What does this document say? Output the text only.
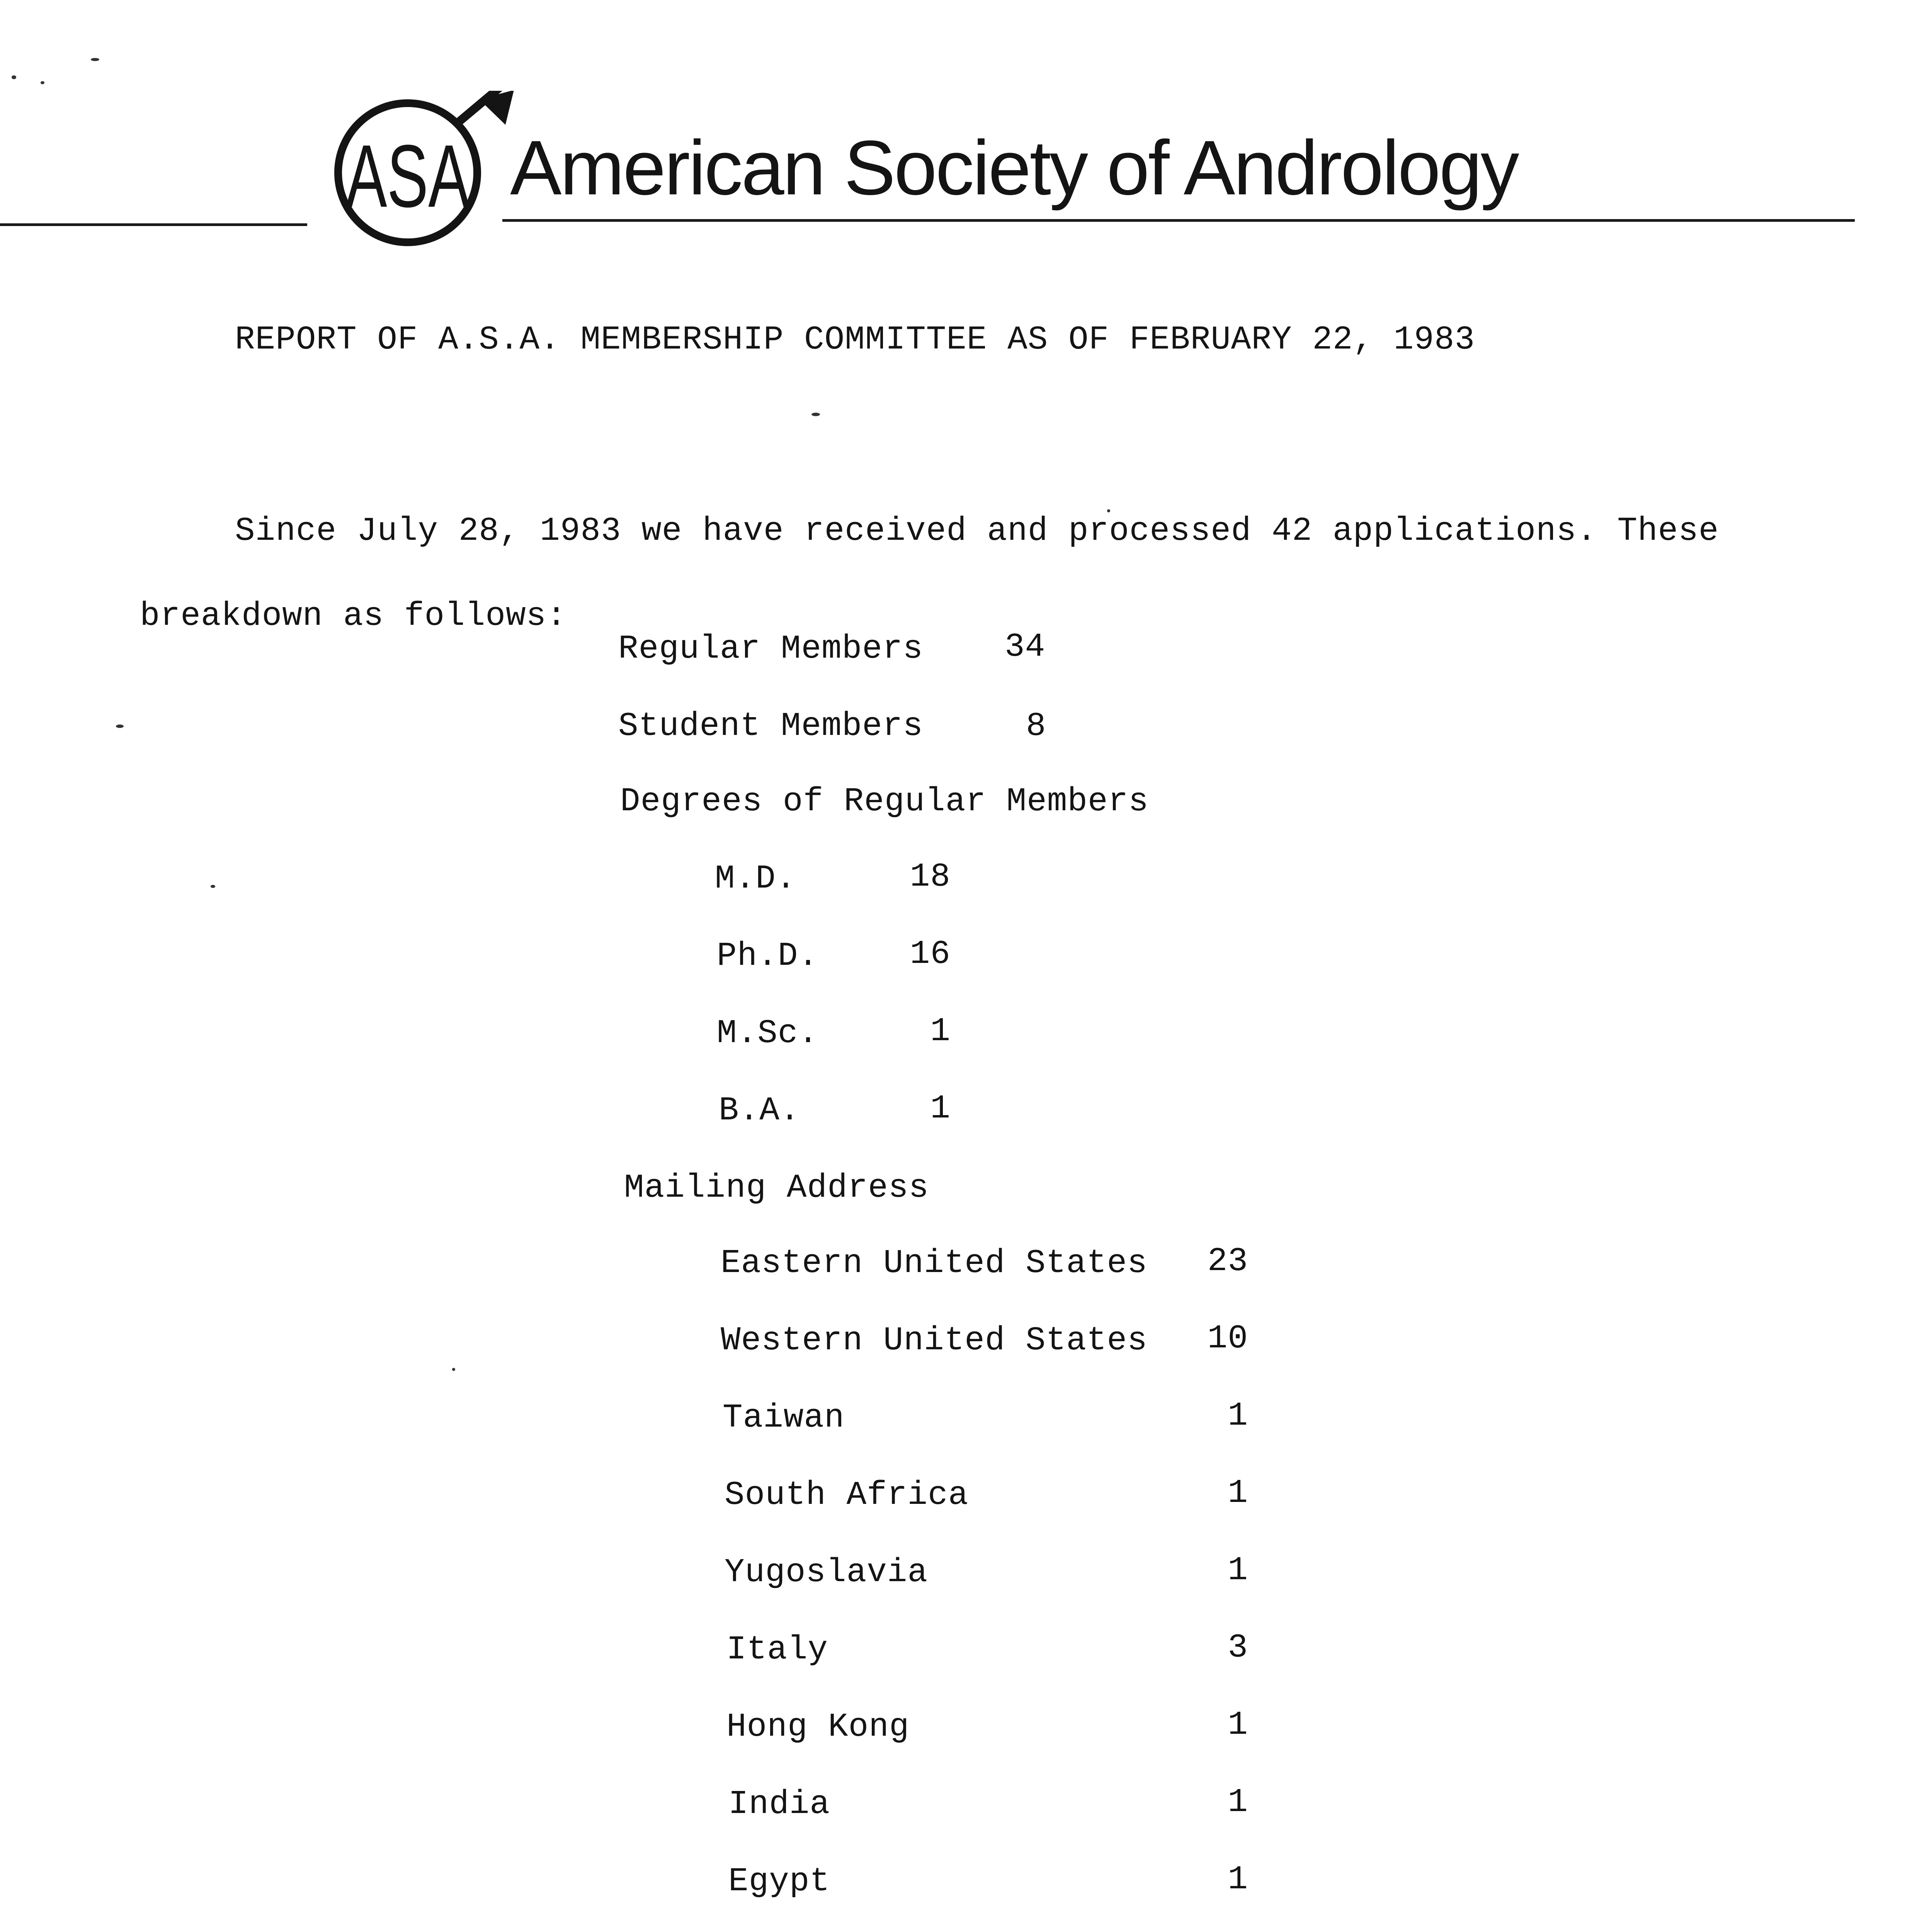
ASA American Society of Andrology
REPORT OF A.S.A. MEMBERSHIP COMMITTEE AS OF FEBRUARY 22, 1983
Since July 28, 1983 we have received and processed 42 applications. These
breakdown as follows:
Regular Members 34
Student Members	8
Degrees of Regular Members
M.D.	18
Ph.D.	16
M.Sc.	1
B.A.	1
Mailing Address
Eastern United States	23
Western United States	10
Taiwan	1
South Africa	1
Yugoslavia	1
Italy	3
Hong Kong	1
India	1
Egypt	1
